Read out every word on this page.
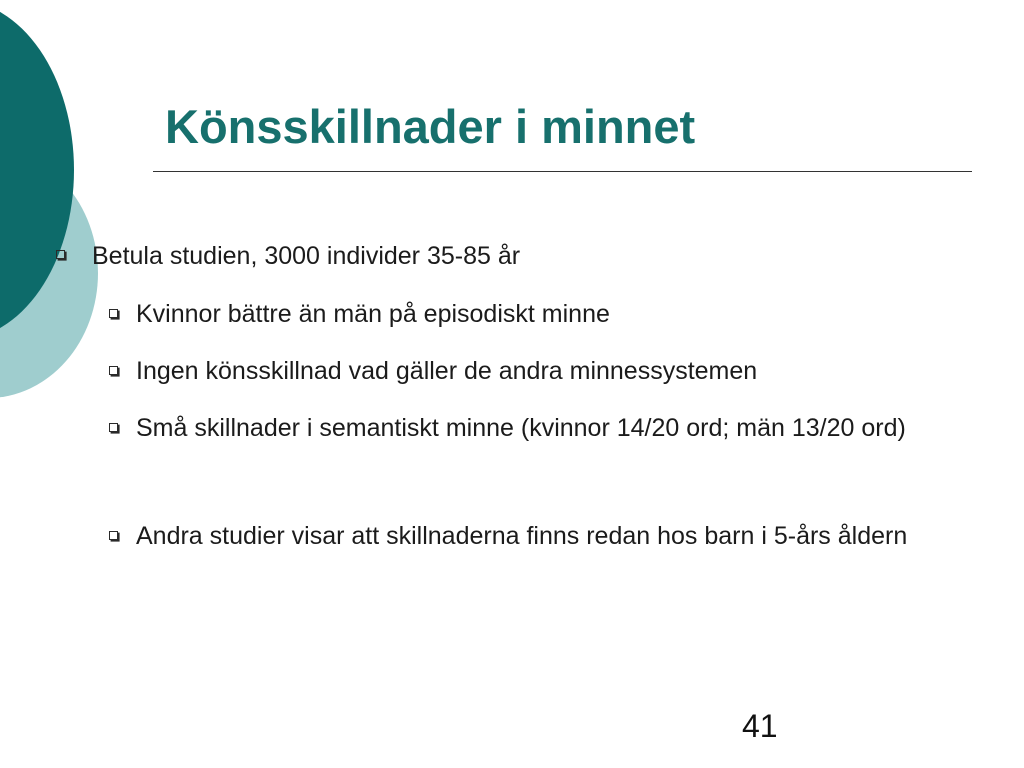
Könsskillnader i minnet
Betula studien, 3000 individer 35-85 år
Kvinnor bättre än män på episodiskt minne
Ingen könsskillnad vad gäller de andra minnessystemen
Små skillnader i semantiskt minne (kvinnor 14/20 ord; män 13/20 ord)
Andra studier visar att skillnaderna finns redan hos barn i 5-års åldern
41
